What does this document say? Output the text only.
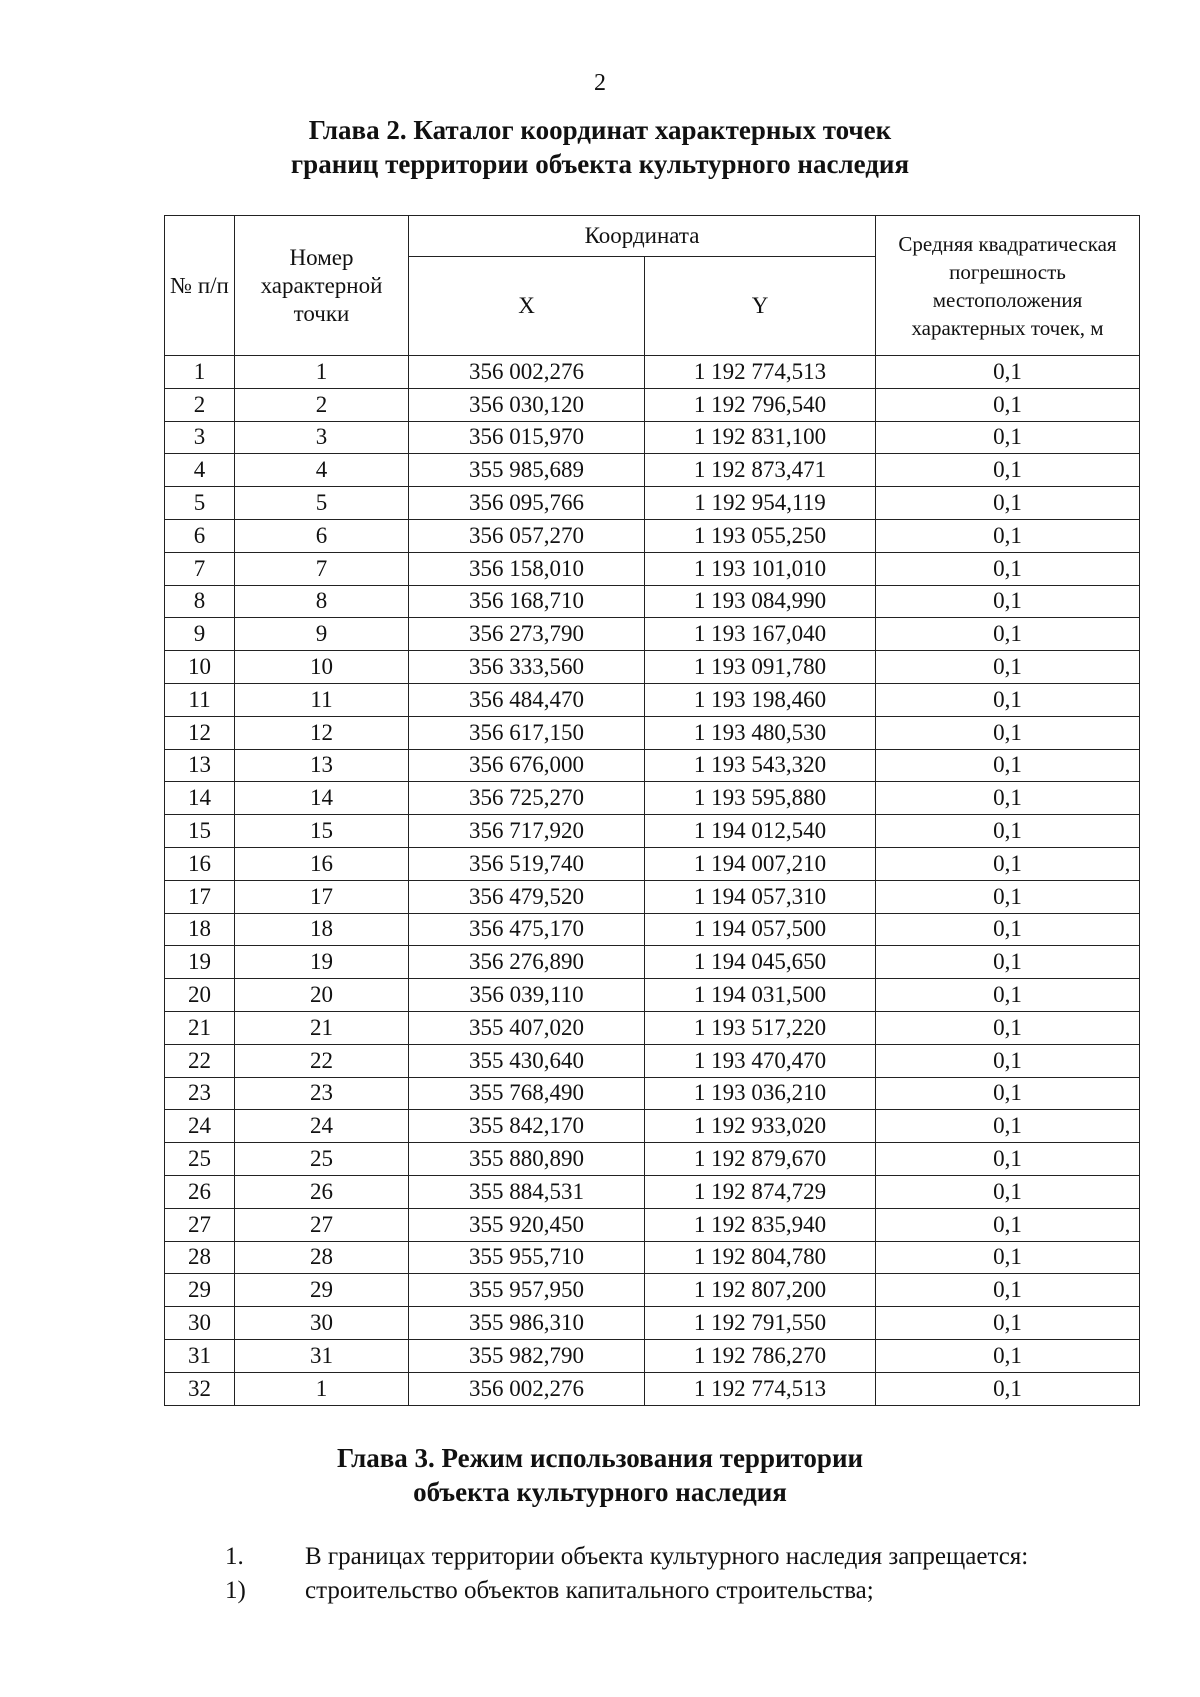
2
Глава 2. Каталог координат характерных точек
границ территории объекта культурного наследия
№ п/п	Номер характерной точки	Координата		Средняя квадратическая погрешность местоположения характерных точек, м

		X	Y	
1	1	356 002,276	1 192 774,513	0,1
2	2	356 030,120	1 192 796,540	0,1
3	3	356 015,970	1 192 831,100	0,1
4	4	355 985,689	1 192 873,471	0,1
5	5	356 095,766	1 192 954,119	0,1
6	6	356 057,270	1 193 055,250	0,1
7	7	356 158,010	1 193 101,010	0,1
8	8	356 168,710	1 193 084,990	0,1
9	9	356 273,790	1 193 167,040	0,1
10	10	356 333,560	1 193 091,780	0,1
11	11	356 484,470	1 193 198,460	0,1
12	12	356 617,150	1 193 480,530	0,1
13	13	356 676,000	1 193 543,320	0,1
14	14	356 725,270	1 193 595,880	0,1
15	15	356 717,920	1 194 012,540	0,1
16	16	356 519,740	1 194 007,210	0,1
17	17	356 479,520	1 194 057,310	0,1
18	18	356 475,170	1 194 057,500	0,1
19	19	356 276,890	1 194 045,650	0,1
20	20	356 039,110	1 194 031,500	0,1
21	21	355 407,020	1 193 517,220	0,1
22	22	355 430,640	1 193 470,470	0,1
23	23	355 768,490	1 193 036,210	0,1
24	24	355 842,170	1 192 933,020	0,1
25	25	355 880,890	1 192 879,670	0,1
26	26	355 884,531	1 192 874,729	0,1
27	27	355 920,450	1 192 835,940	0,1
28	28	355 955,710	1 192 804,780	0,1
29	29	355 957,950	1 192 807,200	0,1
30	30	355 986,310	1 192 791,550	0,1
31	31	355 982,790	1 192 786,270	0,1
32	1	356 002,276	1 192 774,513	0,1
Глава 3. Режим использования территории
объекта культурного наследия
1.	В границах территории объекта культурного наследия запрещается:
1)	строительство объектов капитального строительства;
